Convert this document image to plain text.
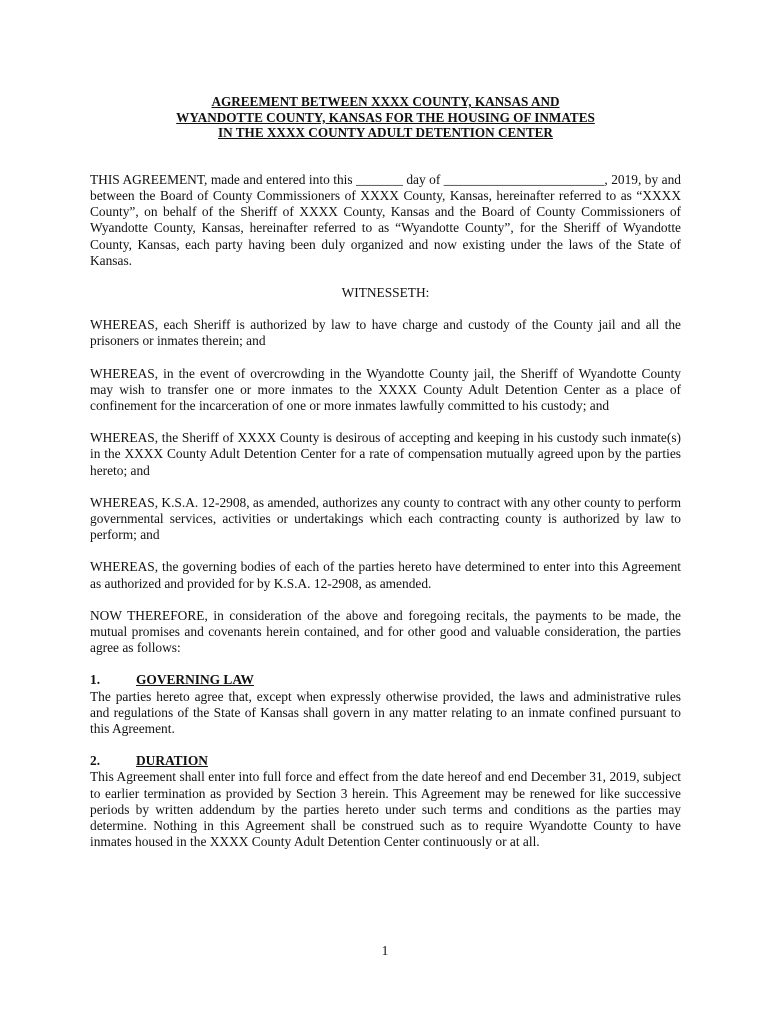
AGREEMENT BETWEEN XXXX COUNTY, KANSAS AND
WYANDOTTE COUNTY, KANSAS FOR THE HOUSING OF INMATES
IN THE XXXX COUNTY ADULT DETENTION CENTER

THIS AGREEMENT, made and entered into this _______ day of ________________________, 2019, by and between the Board of County Commissioners of XXXX County, Kansas, hereinafter referred to as “XXXX County”, on behalf of the Sheriff of XXXX County, Kansas and the Board of County Commissioners of Wyandotte County, Kansas, hereinafter referred to as “Wyandotte County”, for the Sheriff of Wyandotte County, Kansas, each party having been duly organized and now existing under the laws of the State of Kansas.

WITNESSETH:

WHEREAS, each Sheriff is authorized by law to have charge and custody of the County jail and all the prisoners or inmates therein; and

WHEREAS, in the event of overcrowding in the Wyandotte County jail, the Sheriff of Wyandotte County may wish to transfer one or more inmates to the XXXX County Adult Detention Center as a place of confinement for the incarceration of one or more inmates lawfully committed to his custody; and

WHEREAS, the Sheriff of XXXX County is desirous of accepting and keeping in his custody such inmate(s) in the XXXX County Adult Detention Center for a rate of compensation mutually agreed upon by the parties hereto; and

WHEREAS, K.S.A. 12-2908, as amended, authorizes any county to contract with any other county to perform governmental services, activities or undertakings which each contracting county is authorized by law to perform; and

WHEREAS, the governing bodies of each of the parties hereto have determined to enter into this Agreement as authorized and provided for by K.S.A. 12-2908, as amended.

NOW THEREFORE, in consideration of the above and foregoing recitals, the payments to be made, the mutual promises and covenants herein contained, and for other good and valuable consideration, the parties agree as follows:

1.	GOVERNING LAW

The parties hereto agree that, except when expressly otherwise provided, the laws and administrative rules and regulations of the State of Kansas shall govern in any matter relating to an inmate confined pursuant to this Agreement.

2.	DURATION

This Agreement shall enter into full force and effect from the date hereof and end December 31, 2019, subject to earlier termination as provided by Section 3 herein. This Agreement may be renewed for like successive periods by written addendum by the parties hereto under such terms and conditions as the parties may determine. Nothing in this Agreement shall be construed such as to require Wyandotte County to have inmates housed in the XXXX County Adult Detention Center continuously or at all.

1
